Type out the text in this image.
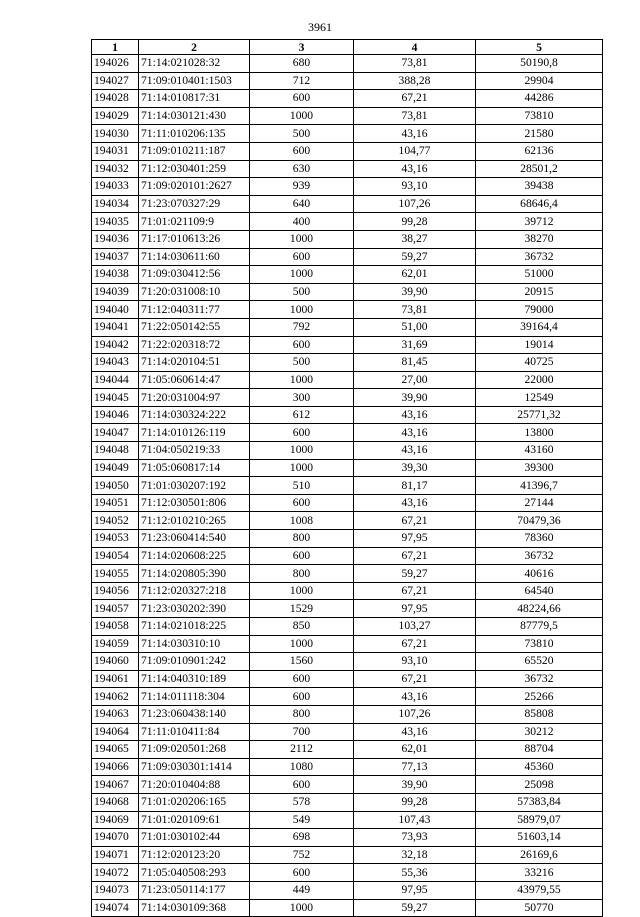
3961
1	2	3	4	5
194026	71:14:021028:32	680	73,81	50190,8
194027	71:09:010401:1503	712	388,28	29904
194028	71:14:010817:31	600	67,21	44286
194029	71:14:030121:430	1000	73,81	73810
194030	71:11:010206:135	500	43,16	21580
194031	71:09:010211:187	600	104,77	62136
194032	71:12:030401:259	630	43,16	28501,2
194033	71:09:020101:2627	939	93,10	39438
194034	71:23:070327:29	640	107,26	68646,4
194035	71:01:021109:9	400	99,28	39712
194036	71:17:010613:26	1000	38,27	38270
194037	71:14:030611:60	600	59,27	36732
194038	71:09:030412:56	1000	62,01	51000
194039	71:20:031008:10	500	39,90	20915
194040	71:12:040311:77	1000	73,81	79000
194041	71:22:050142:55	792	51,00	39164,4
194042	71:22:020318:72	600	31,69	19014
194043	71:14:020104:51	500	81,45	40725
194044	71:05:060614:47	1000	27,00	22000
194045	71:20:031004:97	300	39,90	12549
194046	71:14:030324:222	612	43,16	25771,32
194047	71:14:010126:119	600	43,16	13800
194048	71:04:050219:33	1000	43,16	43160
194049	71:05:060817:14	1000	39,30	39300
194050	71:01:030207:192	510	81,17	41396,7
194051	71:12:030501:806	600	43,16	27144
194052	71:12:010210:265	1008	67,21	70479,36
194053	71:23:060414:540	800	97,95	78360
194054	71:14:020608:225	600	67,21	36732
194055	71:14:020805:390	800	59,27	40616
194056	71:12:020327:218	1000	67,21	64540
194057	71:23:030202:390	1529	97,95	48224,66
194058	71:14:021018:225	850	103,27	87779,5
194059	71:14:030310:10	1000	67,21	73810
194060	71:09:010901:242	1560	93,10	65520
194061	71:14:040310:189	600	67,21	36732
194062	71:14:011118:304	600	43,16	25266
194063	71:23:060438:140	800	107,26	85808
194064	71:11:010411:84	700	43,16	30212
194065	71:09:020501:268	2112	62,01	88704
194066	71:09:030301:1414	1080	77,13	45360
194067	71:20:010404:88	600	39,90	25098
194068	71:01:020206:165	578	99,28	57383,84
194069	71:01:020109:61	549	107,43	58979,07
194070	71:01:030102:44	698	73,93	51603,14
194071	71:12:020123:20	752	32,18	26169,6
194072	71:05:040508:293	600	55,36	33216
194073	71:23:050114:177	449	97,95	43979,55
194074	71:14:030109:368	1000	59,27	50770
